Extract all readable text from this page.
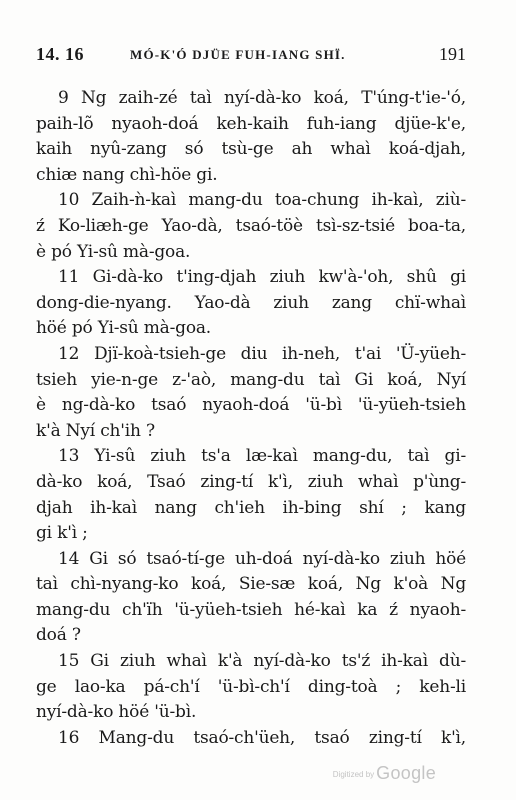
14. 16	MÓ-K'Ó DJÜE FUH-IANG SHÏ.	191
9 Ng zaih-zé taì nyí-dà-ko koá, T'úng-t'ie-'ó,
paih-lõ nyaoh-doá keh-kaih fuh-iang djüe-k'e,
kaih nyû-zang só tsù-ge ah whaì koá-djah,
chiæ nang chì-höe gi.
10 Zaih-ǹ-kaì mang-du toa-chung ih-kaì, ziù-
ź Ko-liæh-ge Yao-dà, tsaó-töè tsì-sz-tsié boa-ta,
è pó Yi-sû mà-goa.
11 Gi-dà-ko t'ing-djah ziuh kw'à-'oh, shû gi
dong-die-nyang. Yao-dà ziuh zang chï-whaì
höé pó Yi-sû mà-goa.
12 Djï-koà-tsieh-ge diu ih-neh, t'ai 'Ü-yüeh-
tsieh yie-n-ge z-'aò, mang-du taì Gi koá, Nyí
è ng-dà-ko tsaó nyaoh-doá 'ü-bì 'ü-yüeh-tsieh
k'à Nyí ch'ih ?
13 Yi-sû ziuh ts'a læ-kaì mang-du, taì gi-
dà-ko koá, Tsaó zing-tí k'ì, ziuh whaì p'ùng-
djah ih-kaì nang ch'ieh ih-bing shí ; kang
gi k'ì ;
14 Gi só tsaó-tí-ge uh-doá nyí-dà-ko ziuh höé
taì chì-nyang-ko koá, Sie-sæ koá, Ng k'oà Ng
mang-du ch'ïh 'ü-yüeh-tsieh hé-kaì ka ź nyaoh-
doá ?
15 Gi ziuh whaì k'à nyí-dà-ko ts'ź ih-kaì dù-
ge lao-ka pá-ch'í 'ü-bì-ch'í ding-toà ; keh-li
nyí-dà-ko höé 'ü-bì.
16 Mang-du tsaó-ch'üeh, tsaó zing-tí k'ì,
Digitized by Google
